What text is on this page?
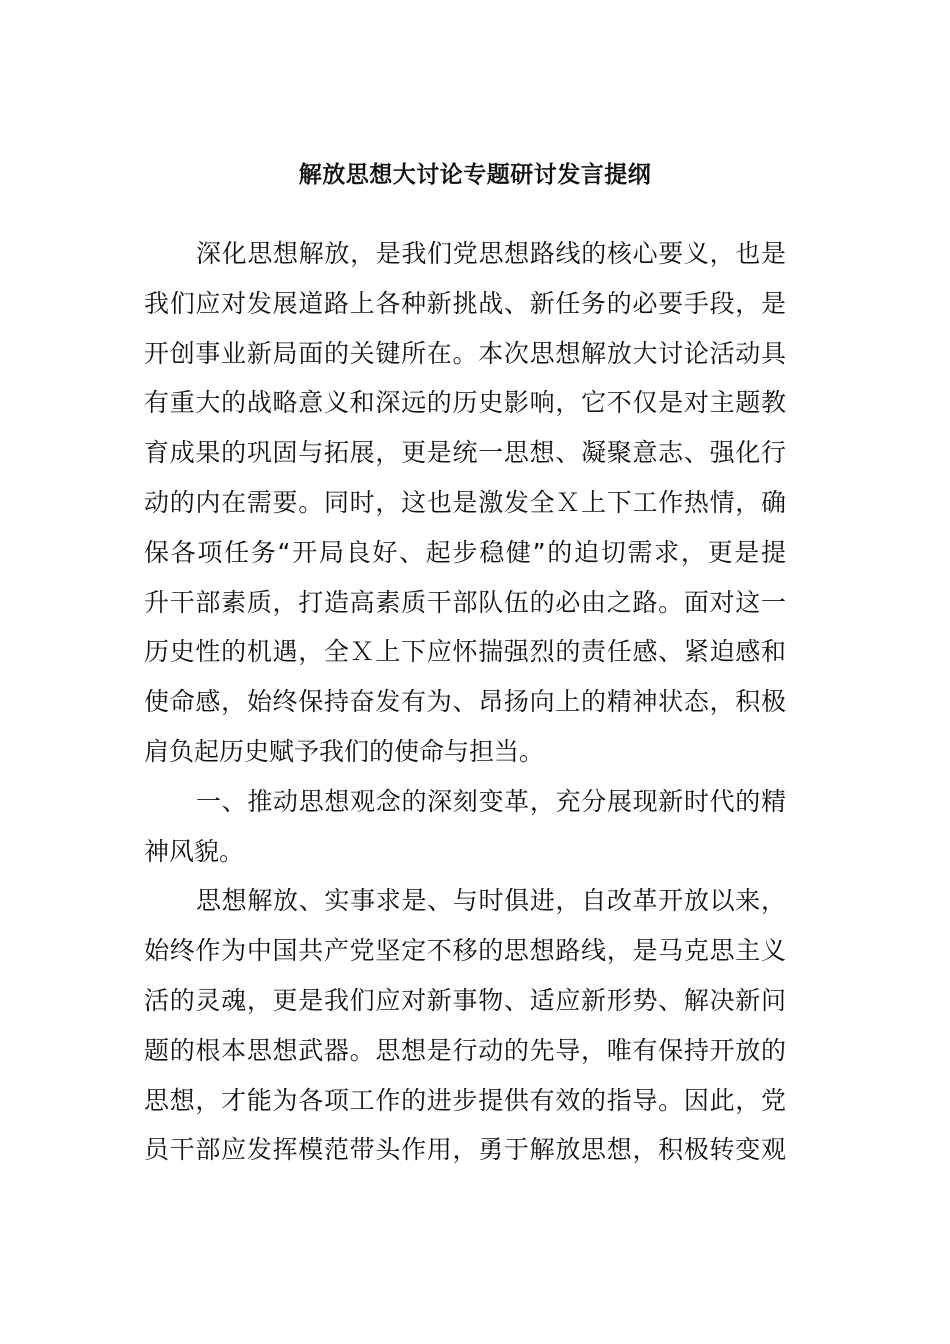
解放思想大讨论专题研讨发言提纲
深化思想解放，是我们党思想路线的核心要义，也是
我们应对发展道路上各种新挑战、新任务的必要手段，是
开创事业新局面的关键所在。本次思想解放大讨论活动具
有重大的战略意义和深远的历史影响，它不仅是对主题教
育成果的巩固与拓展，更是统一思想、凝聚意志、强化行
动的内在需要。同时，这也是激发全Ｘ上下工作热情，确
保各项任务“开局良好、起步稳健”的迫切需求，更是提
升干部素质，打造高素质干部队伍的必由之路。面对这一
历史性的机遇，全Ｘ上下应怀揣强烈的责任感、紧迫感和
使命感，始终保持奋发有为、昂扬向上的精神状态，积极
肩负起历史赋予我们的使命与担当。
一、推动思想观念的深刻变革，充分展现新时代的精
神风貌。
思想解放、实事求是、与时俱进，自改革开放以来，
始终作为中国共产党坚定不移的思想路线，是马克思主义
活的灵魂，更是我们应对新事物、适应新形势、解决新问
题的根本思想武器。思想是行动的先导，唯有保持开放的
思想，才能为各项工作的进步提供有效的指导。因此，党
员干部应发挥模范带头作用，勇于解放思想，积极转变观
